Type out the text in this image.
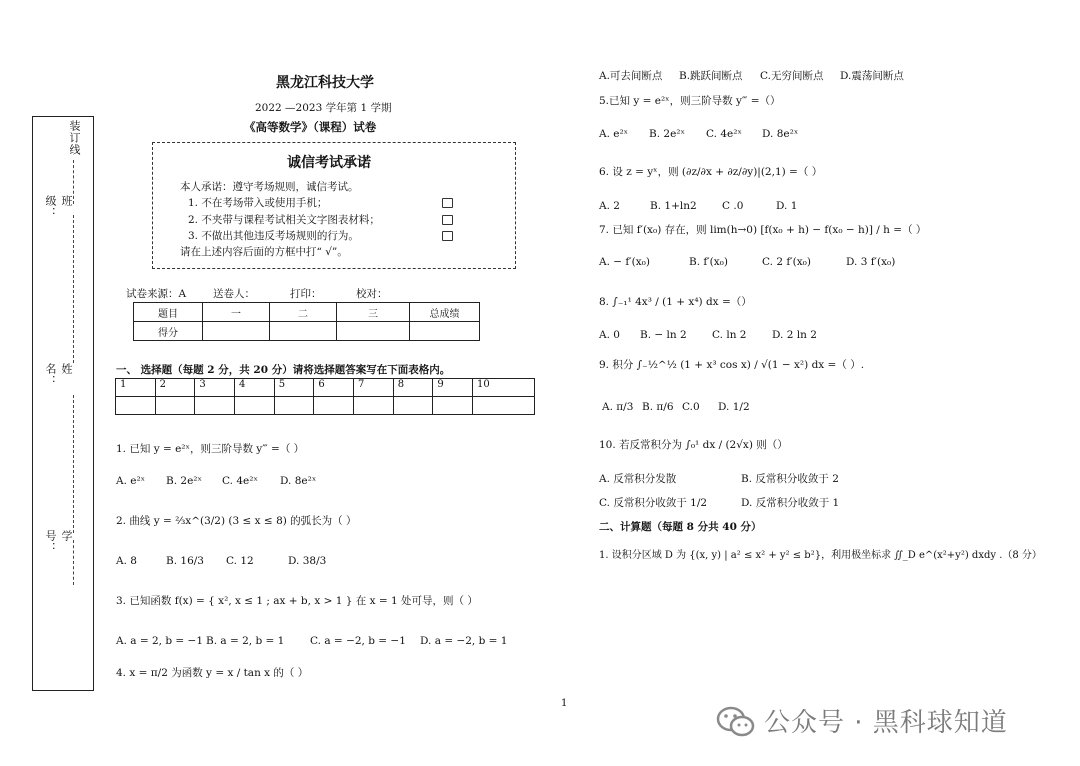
装订线
班级：
姓名：
学号：
黑龙江科技大学
2022 —2023 学年第 1 学期
《高等数学》（课程）试卷
诚信考试承诺
本人承诺：遵守考场规则，诚信考试。
1. 不在考场带入或使用手机；
2. 不夹带与课程考试相关文字图表材料；
3. 不做出其他违反考场规则的行为。
请在上述内容后面的方框中打“ √”。
试卷来源：A	送卷人：	打印：	校对：
题目	一	二	三	总成绩
得分				
一、 选择题（每题 2 分，共 20 分）请将选择题答案写在下面表格内。
1	2	3	4	5	6	7	8	9	10

1. 已知 y = e²ˣ，则三阶导数 y‴ =（ ）
A. e²ˣ B. 2e²ˣ C. 4e²ˣ D. 8e²ˣ
2. 曲线 y = ⅔x^(3/2) (3 ≤ x ≤ 8) 的弧长为（ ）
A. 8	B. 16/3 C. 12	D. 38/3
3. 已知函数 f(x) = { x², x ≤ 1 ; ax + b, x > 1 } 在 x = 1 处可导，则（ ）
A. a = 2, b = −1 B. a = 2, b = 1 C. a = −2, b = −1 D. a = −2, b = 1
4. x = π/2 为函数 y = x / tan x 的（ ）
A.可去间断点 B.跳跃间断点 C.无穷间断点 D.震荡间断点
5.已知 y = e²ˣ，则三阶导数 y‴ =（）
A. e²ˣ B. 2e²ˣ C. 4e²ˣ D. 8e²ˣ
6. 设 z = yˣ，则 (∂z/∂x + ∂z/∂y)|(2,1) =（ ）
A. 2	B. 1+ln2 C .0	D. 1
7. 已知 f′(x₀) 存在，则 lim(h→0) [f(x₀ + h) − f(x₀ − h)] / h =（ ）
A. − f′(x₀)	B. f′(x₀)	C. 2 f′(x₀)	D. 3 f′(x₀)
8. ∫₋₁¹ 4x³ / (1 + x⁴) dx =（）
A. 0 B. − ln 2 C. ln 2 D. 2 ln 2
9. 积分 ∫₋½^½ (1 + x³ cos x) / √(1 − x²) dx =（ ）.
A. π/3 B. π/6 C.0 D. 1/2
10. 若反常积分为 ∫₀¹ dx / (2√x) 则（）
A. 反常积分发散	B. 反常积分收敛于 2
C. 反常积分收敛于 1/2	D. 反常积分收敛于 1
二、计算题（每题 8 分共 40 分）
1. 设积分区域 D 为 {(x, y) | a² ≤ x² + y² ≤ b²}，利用极坐标求 ∬_D e^(x²+y²) dxdy .（8 分）
1
公众号 · 黑科球知道
